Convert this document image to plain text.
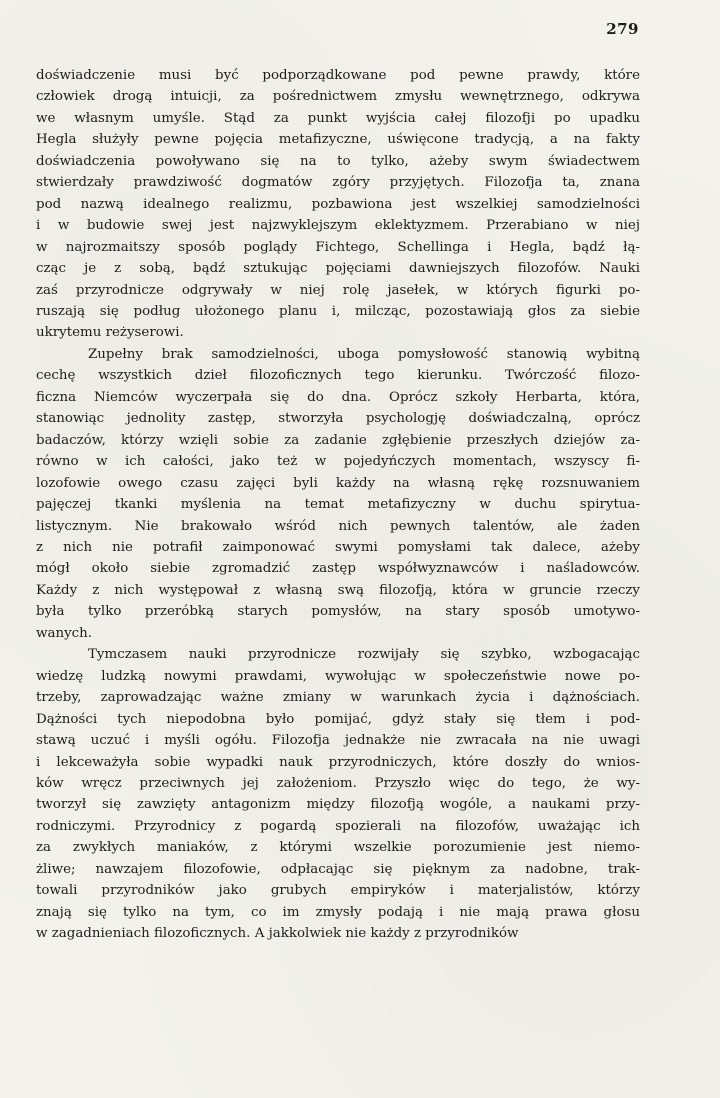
279

doświadczenie musi być podporządkowane pod pewne prawdy, które
człowiek drogą intuicji, za pośrednictwem zmysłu wewnętrznego, odkrywa
we własnym umyśle. Stąd za punkt wyjścia całej filozofji po upadku
Hegla służyły pewne pojęcia metafizyczne, uświęcone tradycją, a na fakty
doświadczenia powoływano się na to tylko, ażeby swym świadectwem
stwierdzały prawdziwość dogmatów zgóry przyjętych. Filozofja ta, znana
pod nazwą idealnego realizmu, pozbawiona jest wszelkiej samodzielności
i w budowie swej jest najzwyklejszym eklektyzmem. Przerabiano w niej
w najrozmaitszy sposób poglądy Fichtego, Schellinga i Hegla, bądź łą-
cząc je z sobą, bądź sztukując pojęciami dawniejszych filozofów. Nauki
zaś przyrodnicze odgrywały w niej rolę jasełek, w których figurki po-
ruszają się podług ułożonego planu i, milcząc, pozostawiają głos za siebie
ukrytemu reżyserowi.

Zupełny brak samodzielności, uboga pomysłowość stanowią wybitną
cechę wszystkich dzieł filozoficznych tego kierunku. Twórczość filozo-
ficzna Niemców wyczerpała się do dna. Oprócz szkoły Herbarta, która,
stanowiąc jednolity zastęp, stworzyła psychologję doświadczalną, oprócz
badaczów, którzy wzięli sobie za zadanie zgłębienie przeszłych dziejów za-
równo w ich całości, jako też w pojedyńczych momentach, wszyscy fi-
lozofowie owego czasu zajęci byli każdy na własną rękę rozsnuwaniem
pajęczej tkanki myślenia na temat metafizyczny w duchu spirytua-
listycznym. Nie brakowało wśród nich pewnych talentów, ale żaden
z nich nie potrafił zaimponować swymi pomysłami tak dalece, ażeby
mógł około siebie zgromadzić zastęp współwyznawców i naśladowców.
Każdy z nich występował z własną swą filozofją, która w gruncie rzeczy
była tylko przeróbką starych pomysłów, na stary sposób umotywo-
wanych.

Tymczasem nauki przyrodnicze rozwijały się szybko, wzbogacając
wiedzę ludzką nowymi prawdami, wywołując w społeczeństwie nowe po-
trzeby, zaprowadzając ważne zmiany w warunkach życia i dążnościach.
Dążności tych niepodobna było pomijać, gdyż stały się tłem i pod-
stawą uczuć i myśli ogółu. Filozofja jednakże nie zwracała na nie uwagi
i lekceważyła sobie wypadki nauk przyrodniczych, które doszły do wnios-
ków wręcz przeciwnych jej założeniom. Przyszło więc do tego, że wy-
tworzył się zawzięty antagonizm między filozofją wogóle, a naukami przy-
rodniczymi. Przyrodnicy z pogardą spozierali na filozofów, uważając ich
za zwykłych maniaków, z którymi wszelkie porozumienie jest niemo-
żliwe; nawzajem filozofowie, odpłacając się pięknym za nadobne, trak-
towali przyrodników jako grubych empiryków i materjalistów, którzy
znają się tylko na tym, co im zmysły podają i nie mają prawa głosu
w zagadnieniach filozoficznych. A jakkolwiek nie każdy z przyrodników
